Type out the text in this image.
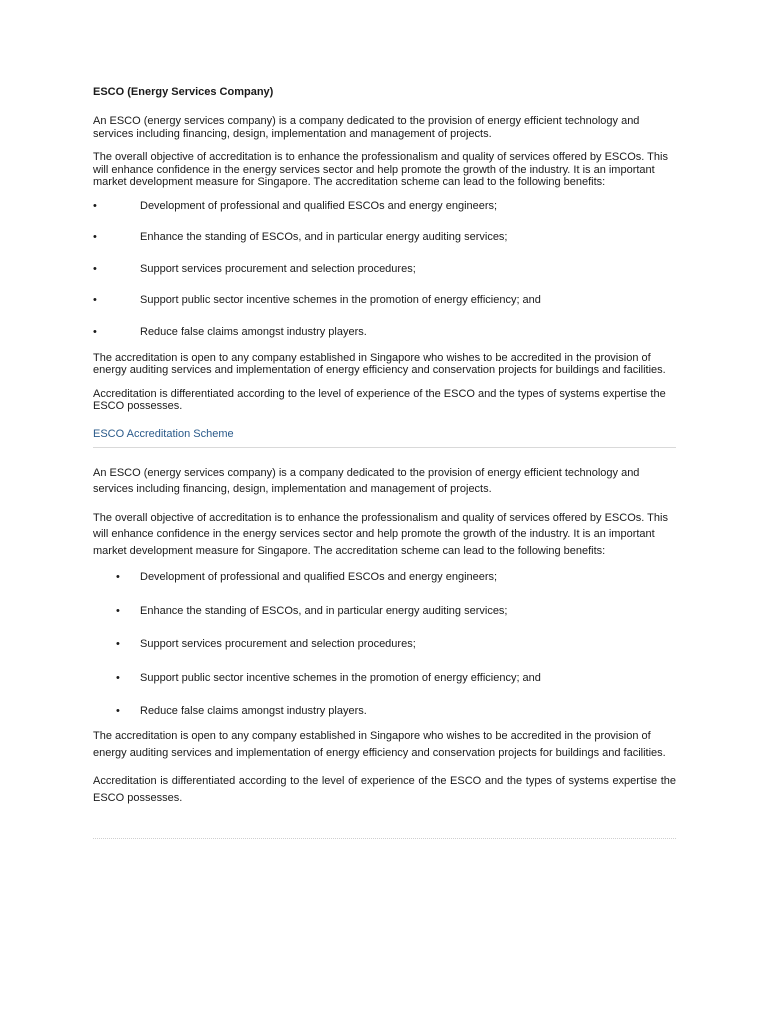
ESCO (Energy Services Company)

An ESCO (energy services company) is a company dedicated to the provision of energy efficient technology and services including financing, design, implementation and management of projects.

The overall objective of accreditation is to enhance the professionalism and quality of services offered by ESCOs. This will enhance confidence in the energy services sector and help promote the growth of the industry. It is an important market development measure for Singapore. The accreditation scheme can lead to the following benefits:

•	Development of professional and qualified ESCOs and energy engineers;
•	Enhance the standing of ESCOs, and in particular energy auditing services;
•	Support services procurement and selection procedures;
•	Support public sector incentive schemes in the promotion of energy efficiency; and
•	Reduce false claims amongst industry players.

The accreditation is open to any company established in Singapore who wishes to be accredited in the provision of energy auditing services and implementation of energy efficiency and conservation projects for buildings and facilities.

Accreditation is differentiated according to the level of experience of the ESCO and the types of systems expertise the ESCO possesses.

ESCO Accreditation Scheme

An ESCO (energy services company) is a company dedicated to the provision of energy efficient technology and services including financing, design, implementation and management of projects.

The overall objective of accreditation is to enhance the professionalism and quality of services offered by ESCOs. This will enhance confidence in the energy services sector and help promote the growth of the industry. It is an important market development measure for Singapore. The accreditation scheme can lead to the following benefits:

• Development of professional and qualified ESCOs and energy engineers;
• Enhance the standing of ESCOs, and in particular energy auditing services;
• Support services procurement and selection procedures;
• Support public sector incentive schemes in the promotion of energy efficiency; and
• Reduce false claims amongst industry players.

The accreditation is open to any company established in Singapore who wishes to be accredited in the provision of energy auditing services and implementation of energy efficiency and conservation projects for buildings and facilities.

Accreditation is differentiated according to the level of experience of the ESCO and the types of systems expertise the ESCO possesses.
